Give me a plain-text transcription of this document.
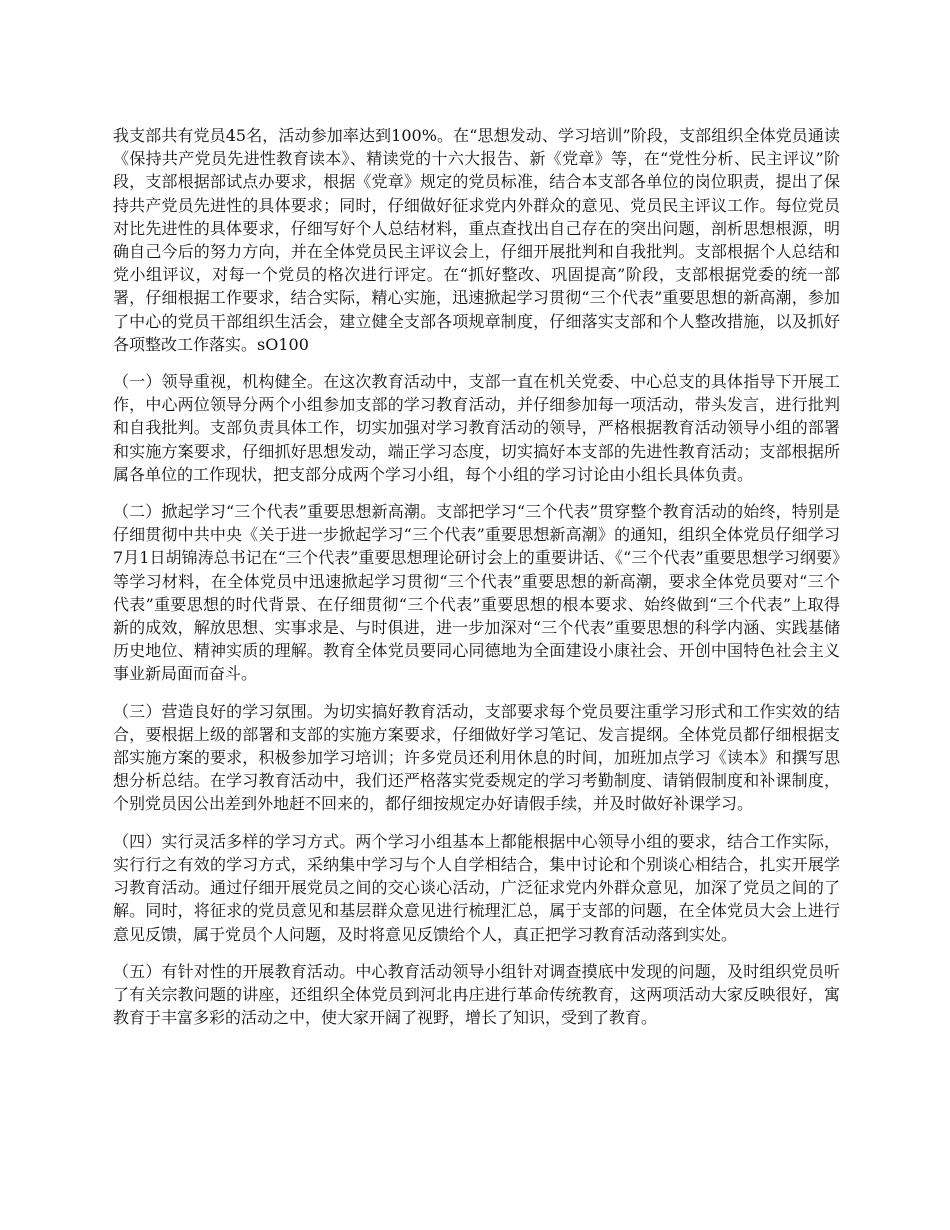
我支部共有党员45名，活动参加率达到100%。在“思想发动、学习培训”阶段，支部组织全体党员通读《保持共产党员先进性教育读本》、精读党的十六大报告、新《党章》等，在“党性分析、民主评议”阶段，支部根据部试点办要求，根据《党章》规定的党员标准，结合本支部各单位的岗位职责，提出了保持共产党员先进性的具体要求；同时，仔细做好征求党内外群众的意见、党员民主评议工作。每位党员对比先进性的具体要求，仔细写好个人总结材料，重点查找出自己存在的突出问题，剖析思想根源，明确自己今后的努力方向，并在全体党员民主评议会上，仔细开展批判和自我批判。支部根据个人总结和党小组评议，对每一个党员的格次进行评定。在“抓好整改、巩固提高”阶段，支部根据党委的统一部署，仔细根据工作要求，结合实际，精心实施，迅速掀起学习贯彻“三个代表”重要思想的新高潮，参加了中心的党员干部组织生活会，建立健全支部各项规章制度，仔细落实支部和个人整改措施，以及抓好各项整改工作落实。sO100

（一）领导重视，机构健全。在这次教育活动中，支部一直在机关党委、中心总支的具体指导下开展工作，中心两位领导分两个小组参加支部的学习教育活动，并仔细参加每一项活动，带头发言，进行批判和自我批判。支部负责具体工作，切实加强对学习教育活动的领导，严格根据教育活动领导小组的部署和实施方案要求，仔细抓好思想发动，端正学习态度，切实搞好本支部的先进性教育活动；支部根据所属各单位的工作现状，把支部分成两个学习小组，每个小组的学习讨论由小组长具体负责。

（二）掀起学习“三个代表”重要思想新高潮。支部把学习“三个代表”贯穿整个教育活动的始终，特别是仔细贯彻中共中央《关于进一步掀起学习“三个代表”重要思想新高潮》的通知，组织全体党员仔细学习7月1日胡锦涛总书记在“三个代表”重要思想理论研讨会上的重要讲话、《“三个代表”重要思想学习纲要》等学习材料，在全体党员中迅速掀起学习贯彻“三个代表”重要思想的新高潮，要求全体党员要对“三个代表”重要思想的时代背景、在仔细贯彻“三个代表”重要思想的根本要求、始终做到“三个代表”上取得新的成效，解放思想、实事求是、与时俱进，进一步加深对“三个代表”重要思想的科学内涵、实践基储历史地位、精神实质的理解。教育全体党员要同心同德地为全面建设小康社会、开创中国特色社会主义事业新局面而奋斗。

（三）营造良好的学习氛围。为切实搞好教育活动，支部要求每个党员要注重学习形式和工作实效的结合，要根据上级的部署和支部的实施方案要求，仔细做好学习笔记、发言提纲。全体党员都仔细根据支部实施方案的要求，积极参加学习培训；许多党员还利用休息的时间，加班加点学习《读本》和撰写思想分析总结。在学习教育活动中，我们还严格落实党委规定的学习考勤制度、请销假制度和补课制度，个别党员因公出差到外地赶不回来的，都仔细按规定办好请假手续，并及时做好补课学习。

（四）实行灵活多样的学习方式。两个学习小组基本上都能根据中心领导小组的要求，结合工作实际，实行行之有效的学习方式，采纳集中学习与个人自学相结合，集中讨论和个别谈心相结合，扎实开展学习教育活动。通过仔细开展党员之间的交心谈心活动，广泛征求党内外群众意见，加深了党员之间的了解。同时，将征求的党员意见和基层群众意见进行梳理汇总，属于支部的问题，在全体党员大会上进行意见反馈，属于党员个人问题，及时将意见反馈给个人，真正把学习教育活动落到实处。

（五）有针对性的开展教育活动。中心教育活动领导小组针对调查摸底中发现的问题，及时组织党员听了有关宗教问题的讲座，还组织全体党员到河北冉庄进行革命传统教育，这两项活动大家反映很好，寓教育于丰富多彩的活动之中，使大家开阔了视野，增长了知识，受到了教育。
